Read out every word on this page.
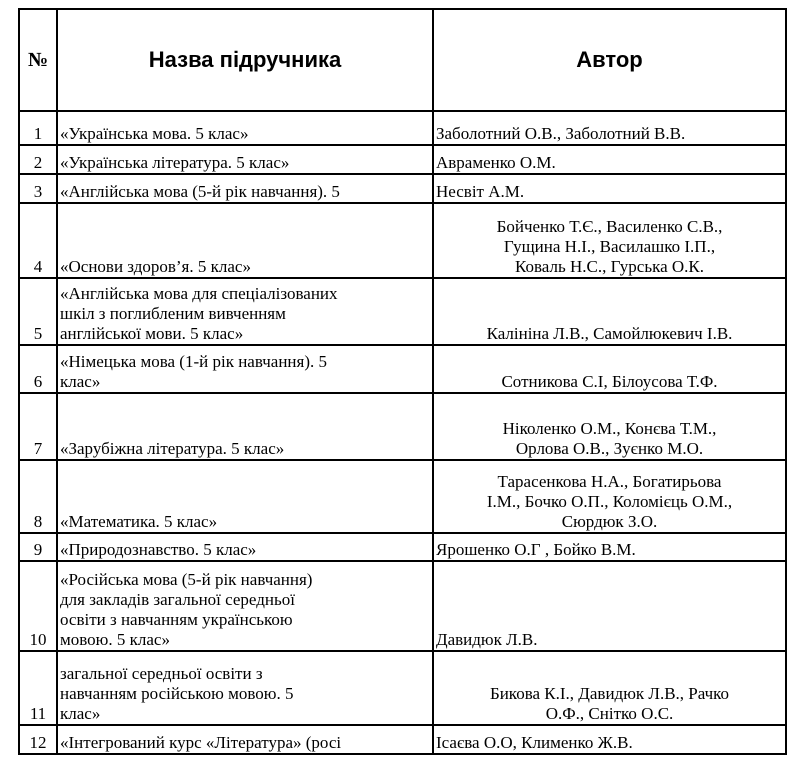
№	Назва підручника	Автор
1	«Українська мова. 5 клас»	Заболотний О.В., Заболотний В.В.

2	«Українська література. 5 клас»	Авраменко О.М.

3	«Англійська мова (5-й рік навчання). 5	Несвіт А.М.

4	«Основи здоров’я. 5 клас»	Бойченко Т.Є., Василенко С.В.,
Гущина Н.І., Василашко І.П.,
Коваль Н.С., Гурська О.К.

5	«Англійська мова для спеціалізованих
шкіл з поглибленим вивченням
англійської мови. 5 клас»	Калініна Л.В., Самойлюкевич І.В.

6	«Німецька мова (1-й рік навчання). 5
клас»	Сотникова С.І, Білоусова Т.Ф.

7	«Зарубіжна література. 5 клас»	Ніколенко О.М., Конєва Т.М.,
Орлова О.В., Зуєнко М.О.

8	«Математика. 5 клас»	Тарасенкова Н.А., Богатирьова
І.М., Бочко О.П., Коломієць О.М.,
Сюрдюк З.О.

9	«Природознавство. 5 клас»	Ярошенко О.Г , Бойко В.М.

10	«Російська мова (5-й рік навчання)
для закладів загальної середньої
освіти з навчанням українською
мовою. 5 клас»	Давидюк Л.В.

11	загальної середньої освіти з
навчанням російською мовою. 5
клас»	Бикова К.І., Давидюк Л.В., Рачко
О.Ф., Снітко О.С.

12	«Інтегрований курс «Література» (росі	Ісаєва О.О, Клименко Ж.В.
